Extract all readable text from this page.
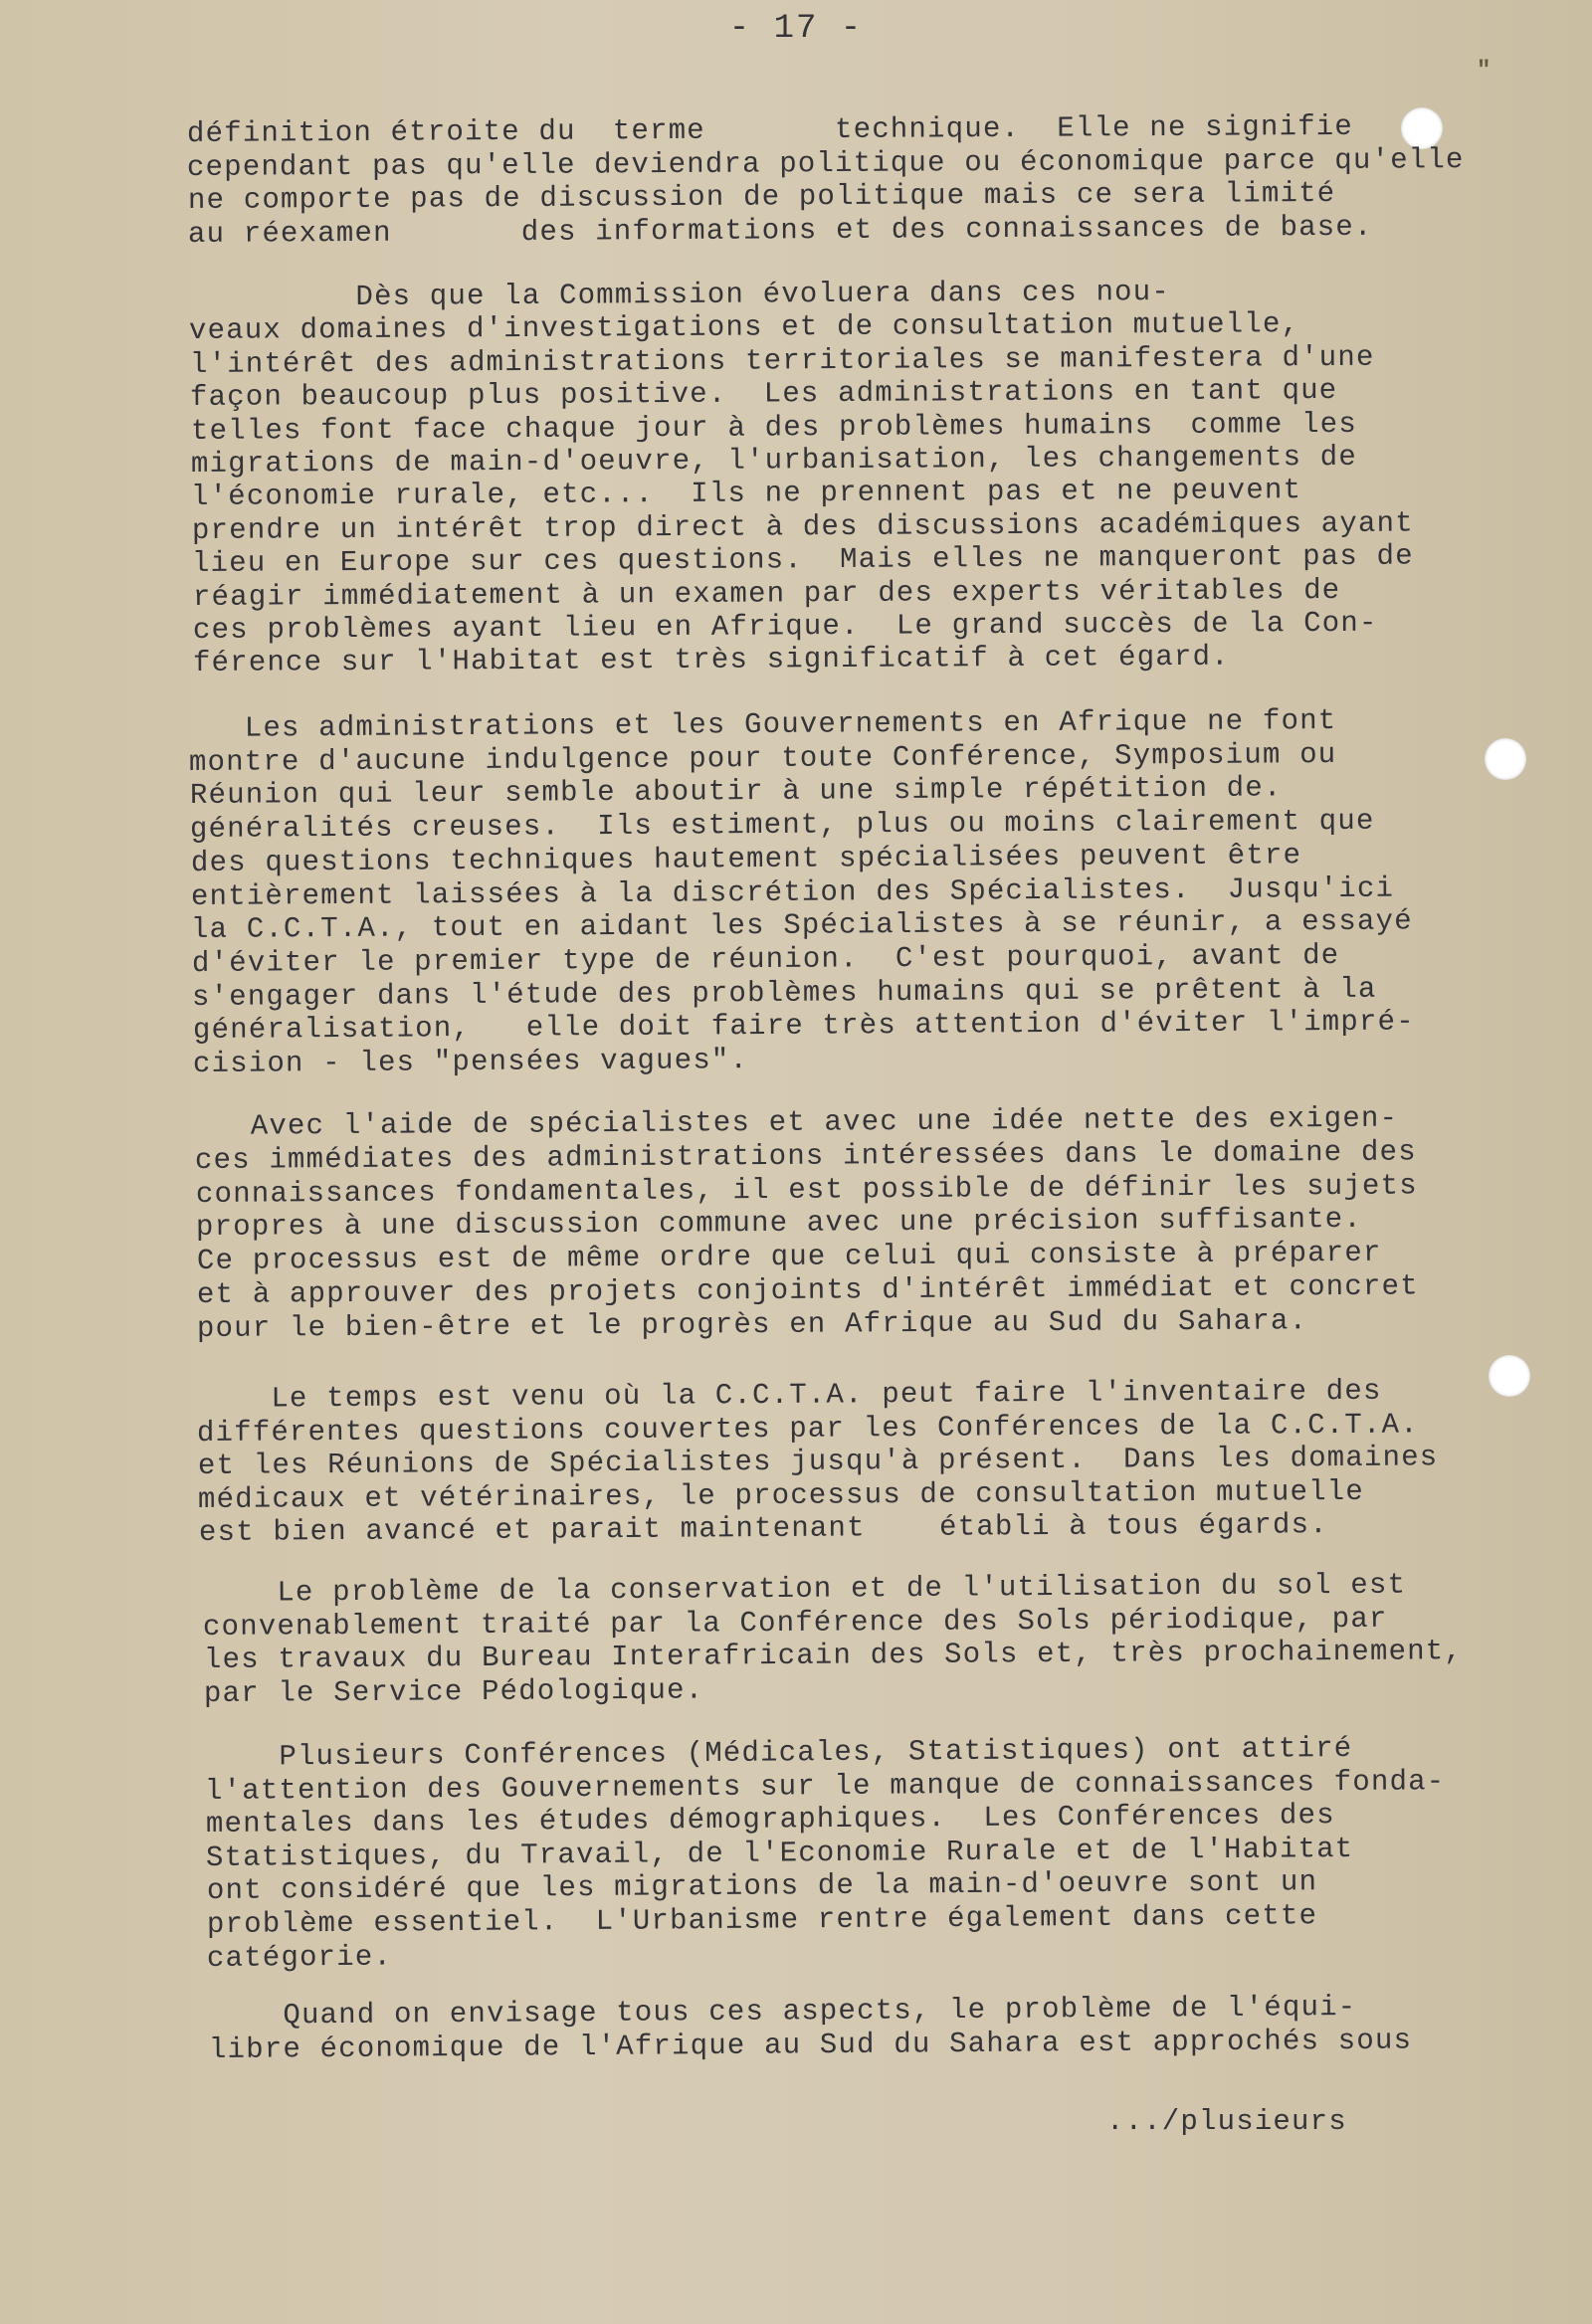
- 17 -
"
définition étroite du  terme       technique.  Elle ne signifie
cependant pas qu'elle deviendra politique ou économique parce qu'elle
ne comporte pas de discussion de politique mais ce sera limité
au réexamen       des informations et des connaissances de base.
Dès que la Commission évoluera dans ces nou-
veaux domaines d'investigations et de consultation mutuelle,
l'intérêt des administrations territoriales se manifestera d'une
façon beaucoup plus positive.  Les administrations en tant que
telles font face chaque jour à des problèmes humains  comme les
migrations de main-d'oeuvre, l'urbanisation, les changements de
l'économie rurale, etc...  Ils ne prennent pas et ne peuvent
prendre un intérêt trop direct à des discussions académiques ayant
lieu en Europe sur ces questions.  Mais elles ne manqueront pas de
réagir immédiatement à un examen par des experts véritables de
ces problèmes ayant lieu en Afrique.  Le grand succès de la Con-
férence sur l'Habitat est très significatif à cet égard.
Les administrations et les Gouvernements en Afrique ne font
montre d'aucune indulgence pour toute Conférence, Symposium ou
Réunion qui leur semble aboutir à une simple répétition de.
généralités creuses.  Ils estiment, plus ou moins clairement que
des questions techniques hautement spécialisées peuvent être
entièrement laissées à la discrétion des Spécialistes.  Jusqu'ici
la C.C.T.A., tout en aidant les Spécialistes à se réunir, a essayé
d'éviter le premier type de réunion.  C'est pourquoi, avant de
s'engager dans l'étude des problèmes humains qui se prêtent à la
généralisation,   elle doit faire très attention d'éviter l'impré-
cision - les "pensées vagues".
Avec l'aide de spécialistes et avec une idée nette des exigen-
ces immédiates des administrations intéressées dans le domaine des
connaissances fondamentales, il est possible de définir les sujets
propres à une discussion commune avec une précision suffisante.
Ce processus est de même ordre que celui qui consiste à préparer
et à approuver des projets conjoints d'intérêt immédiat et concret
pour le bien-être et le progrès en Afrique au Sud du Sahara.
Le temps est venu où la C.C.T.A. peut faire l'inventaire des
différentes questions couvertes par les Conférences de la C.C.T.A.
et les Réunions de Spécialistes jusqu'à présent.  Dans les domaines
médicaux et vétérinaires, le processus de consultation mutuelle
est bien avancé et parait maintenant    établi à tous égards.
Le problème de la conservation et de l'utilisation du sol est
convenablement traité par la Conférence des Sols périodique, par
les travaux du Bureau Interafricain des Sols et, très prochainement,
par le Service Pédologique.
Plusieurs Conférences (Médicales, Statistiques) ont attiré
l'attention des Gouvernements sur le manque de connaissances fonda-
mentales dans les études démographiques.  Les Conférences des
Statistiques, du Travail, de l'Economie Rurale et de l'Habitat
ont considéré que les migrations de la main-d'oeuvre sont un
problème essentiel.  L'Urbanisme rentre également dans cette
catégorie.
Quand on envisage tous ces aspects, le problème de l'équi-
libre économique de l'Afrique au Sud du Sahara est approchés sous
.../plusieurs
